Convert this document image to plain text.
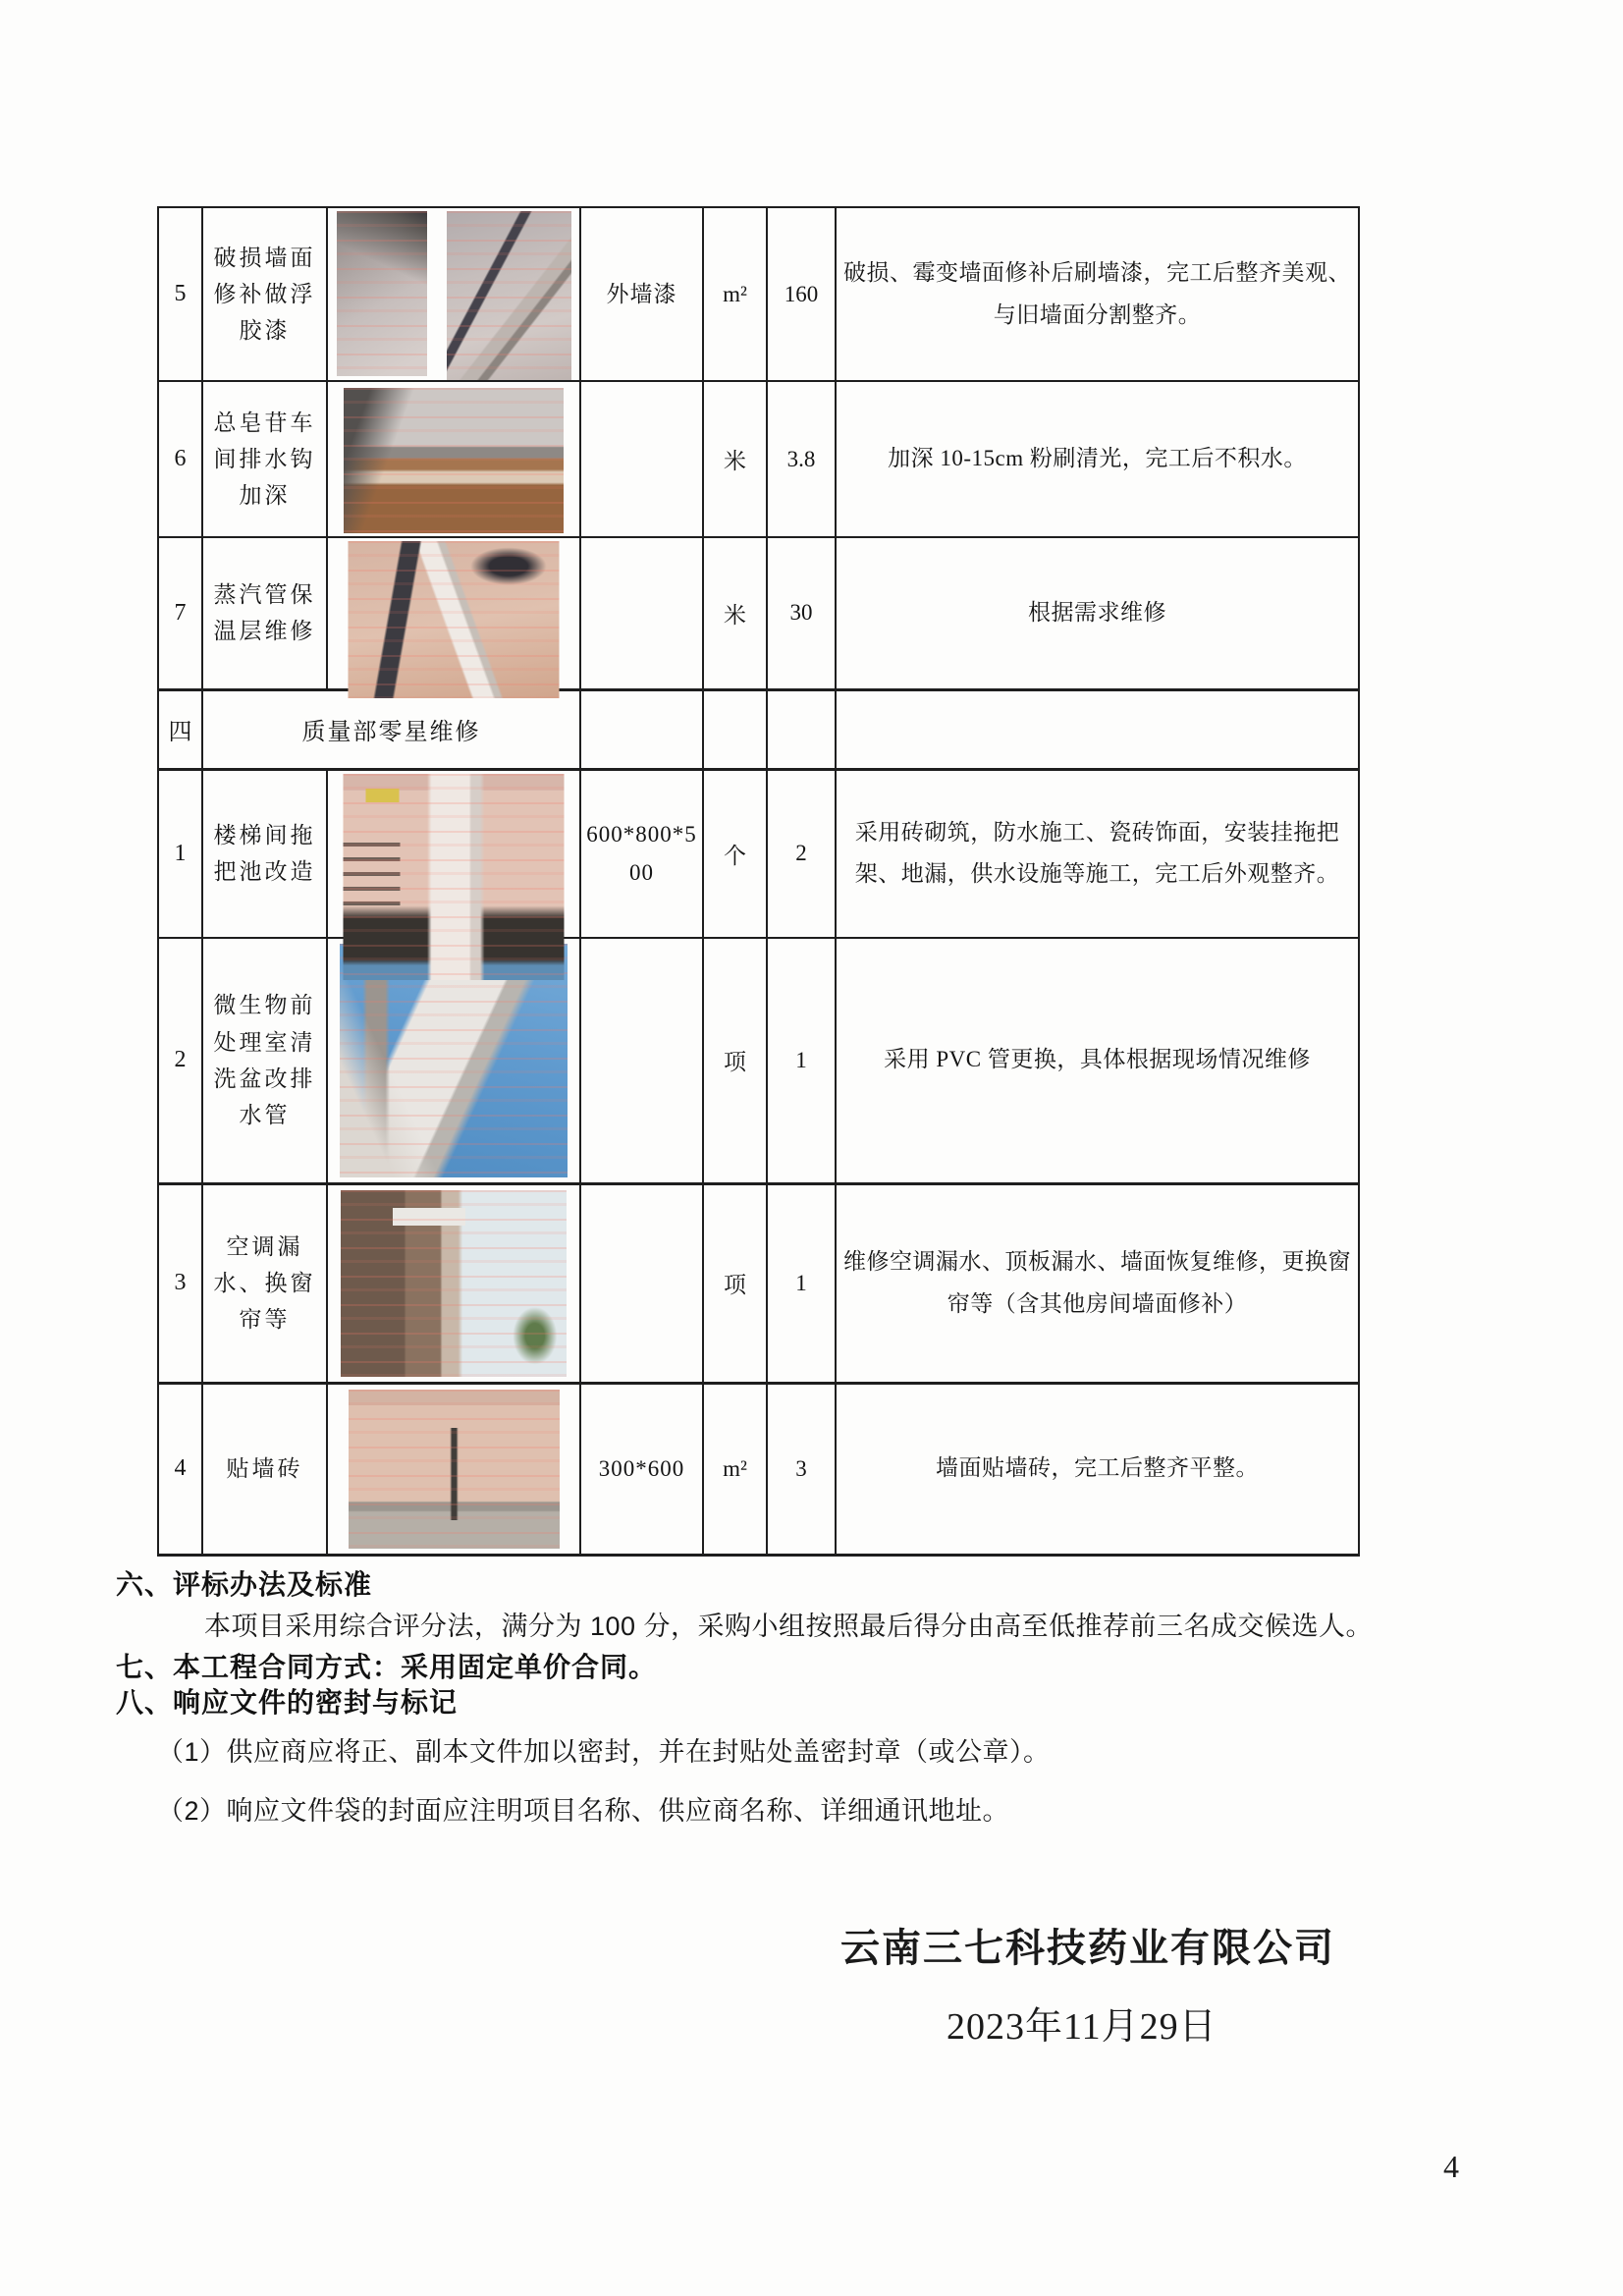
5	破损墙面修补做浮胶漆		外墙漆	m²	160	破损、霉变墙面修补后刷墙漆，完工后整齐美观、与旧墙面分割整齐。
6	总皂苷车间排水钩加深			米	3.8	加深 10-15cm 粉刷清光，完工后不积水。
7	蒸汽管保温层维修			米	30	根据需求维修
四	质量部零星维修					
1	楼梯间拖把池改造		600*800*500	个	2	采用砖砌筑，防水施工、瓷砖饰面，安装挂拖把架、地漏，供水设施等施工，完工后外观整齐。
2	微生物前处理室清洗盆改排水管			项	1	采用 PVC 管更换，具体根据现场情况维修
3	空调漏水、换窗帘等			项	1	维修空调漏水、顶板漏水、墙面恢复维修，更换窗帘等（含其他房间墙面修补）
4	贴墙砖		300*600	m²	3	墙面贴墙砖，完工后整齐平整。
六、评标办法及标准
本项目采用综合评分法，满分为 100 分，采购小组按照最后得分由高至低推荐前三名成交候选人。
七、本工程合同方式：采用固定单价合同。
八、响应文件的密封与标记
（1）供应商应将正、副本文件加以密封，并在封贴处盖密封章（或公章）。
（2）响应文件袋的封面应注明项目名称、供应商名称、详细通讯地址。
云南三七科技药业有限公司
2023年11月29日
4
